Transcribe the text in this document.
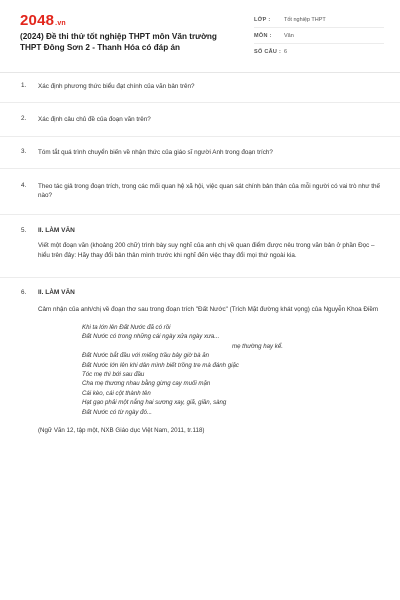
2048.vn
(2024) Đề thi thử tốt nghiệp THPT môn Văn trường THPT Đông Sơn 2 - Thanh Hóa có đáp án
LỚP :	Tốt nghiệp THPT
MÔN :	Văn
SỐ CÂU : 6
1. Xác định phương thức biểu đạt chính của văn bản trên?
2. Xác định câu chủ đề của đoạn văn trên?
3. Tóm tắt quá trình chuyển biến về nhận thức của giáo sĩ người Anh trong đoạn trích?
4. Theo tác giả trong đoạn trích, trong các mối quan hệ xã hội, việc quan sát chính bản thân của mỗi người có vai trò như thế nào?
5. II. LÀM VĂN
Viết một đoạn văn (khoảng 200 chữ) trình bày suy nghĩ của anh chị về quan điểm được nêu trong văn bản ở phần Đọc – hiểu trên đây: Hãy thay đổi bản thân mình trước khi nghĩ đến việc thay đổi mọi thứ ngoài kia.
6. II. LÀM VĂN
Cảm nhận của anh/chị về đoạn thơ sau trong đoạn trích "Đất Nước" (Trích Mặt đường khát vọng) của Nguyễn Khoa Điềm
Khi ta lớn lên Đất Nước đã có rồi
Đất Nước có trong những cái ngày xửa ngày xưa...
mẹ thường hay kể.
Đất Nước bắt đầu với miếng trầu bây giờ bà ăn
Đất Nước lớn lên khi dân mình biết trồng tre mà đánh giặc
Tóc mẹ thì bới sau đầu
Cha mẹ thương nhau bằng gừng cay muối mặn
Cái kèo, cái cột thành tên
Hạt gạo phải một nắng hai sương xay, giã, giần, sàng
Đất Nước có từ ngày đó...
(Ngữ Văn 12, tập một, NXB Giáo dục Việt Nam, 2011, tr.118)
